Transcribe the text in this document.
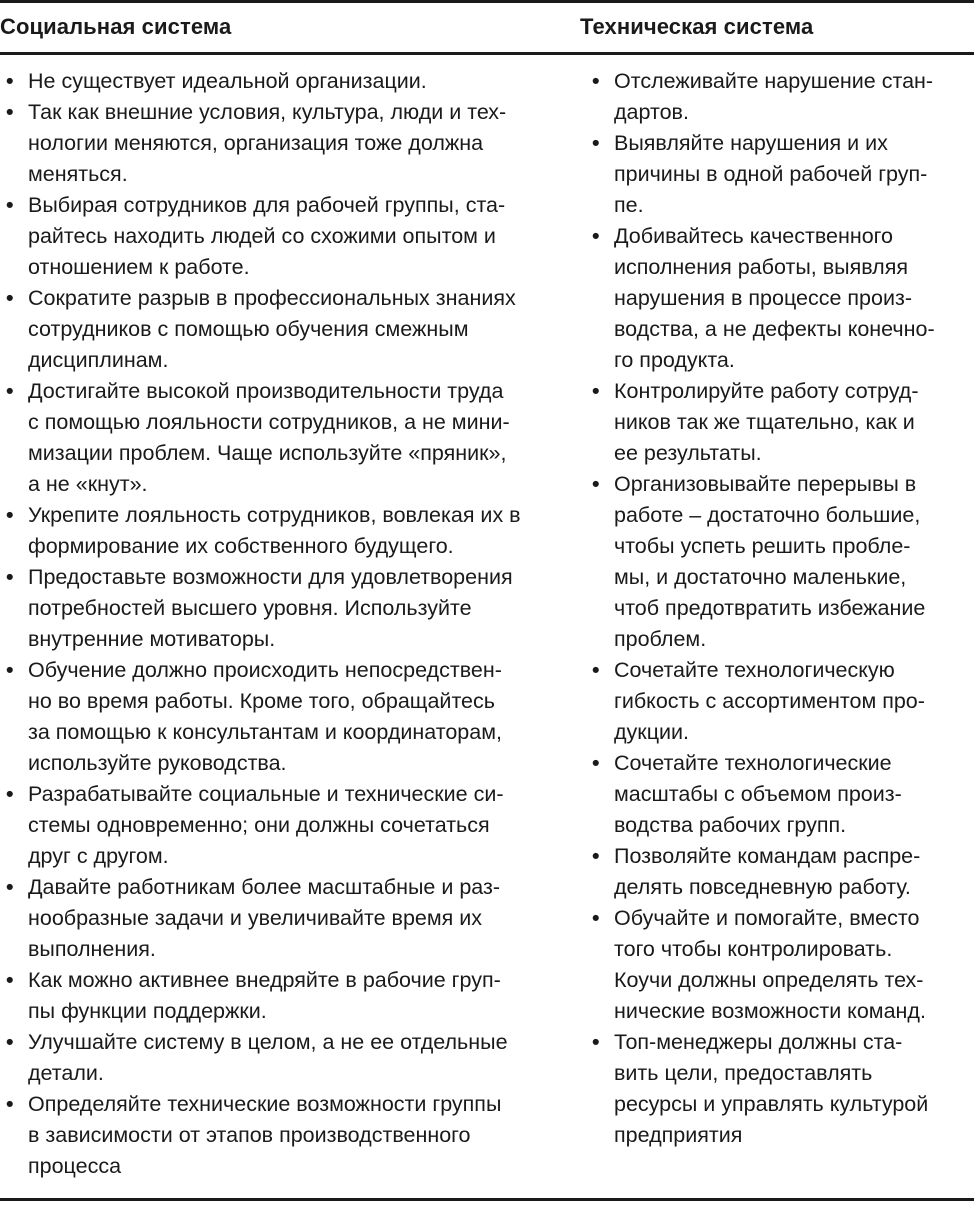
Социальная система	Техническая система
• Не существует идеальной организации.
• Так как внешние условия, культура, люди и тех-
нологии меняются, организация тоже должна
меняться.
• Выбирая сотрудников для рабочей группы, ста-
райтесь находить людей со схожими опытом и
отношением к работе.
• Сократите разрыв в профессиональных знаниях
сотрудников с помощью обучения смежным
дисциплинам.
• Достигайте высокой производительности труда
с помощью лояльности сотрудников, а не мини-
мизации проблем. Чаще используйте «пряник»,
а не «кнут».
• Укрепите лояльность сотрудников, вовлекая их в
формирование их собственного будущего.
• Предоставьте возможности для удовлетворения
потребностей высшего уровня. Используйте
внутренние мотиваторы.
• Обучение должно происходить непосредствен-
но во время работы. Кроме того, обращайтесь
за помощью к консультантам и координаторам,
используйте руководства.
• Разрабатывайте социальные и технические си-
стемы одновременно; они должны сочетаться
друг с другом.
• Давайте работникам более масштабные и раз-
нообразные задачи и увеличивайте время их
выполнения.
• Как можно активнее внедряйте в рабочие груп-
пы функции поддержки.
• Улучшайте систему в целом, а не ее отдельные
детали.
• Определяйте технические возможности группы
в зависимости от этапов производственного
процесса
• Отслеживайте нарушение стан-
дартов.
• Выявляйте нарушения и их
причины в одной рабочей груп-
пе.
• Добивайтесь качественного
исполнения работы, выявляя
нарушения в процессе произ-
водства, а не дефекты конечно-
го продукта.
• Контролируйте работу сотруд-
ников так же тщательно, как и
ее результаты.
• Организовывайте перерывы в
работе – достаточно большие,
чтобы успеть решить пробле-
мы, и достаточно маленькие,
чтоб предотвратить избежание
проблем.
• Сочетайте технологическую
гибкость с ассортиментом про-
дукции.
• Сочетайте технологические
масштабы с объемом произ-
водства рабочих групп.
• Позволяйте командам распре-
делять повседневную работу.
• Обучайте и помогайте, вместо
того чтобы контролировать.
Коучи должны определять тех-
нические возможности команд.
• Топ-менеджеры должны ста-
вить цели, предоставлять
ресурсы и управлять культурой
предприятия
